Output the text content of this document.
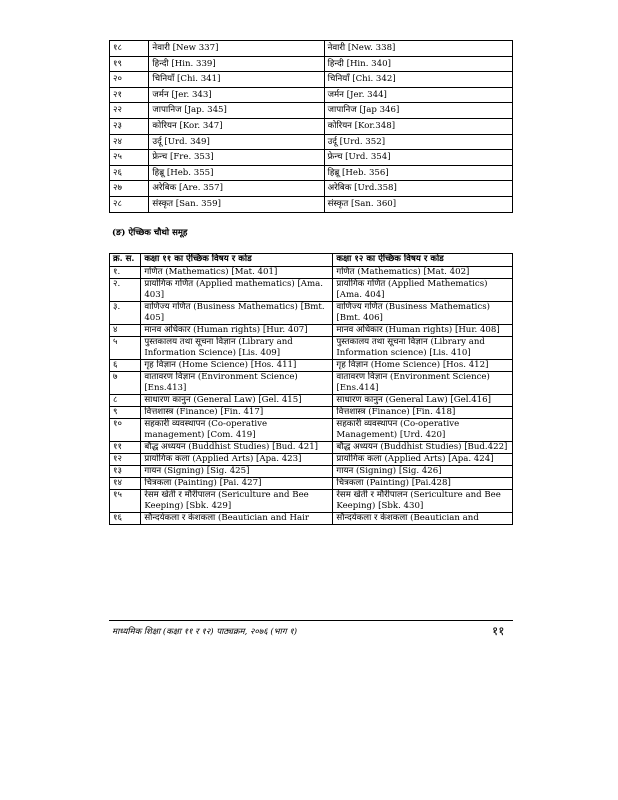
१८	नेवारी [New 337]	नेवारी [New. 338]
१९	हिन्दी [Hin. 339]	हिन्दी [Hin. 340]
२०	चिनियाँ [Chi. 341]	चिनियाँ [Chi. 342]
२१	जर्मन [Jer. 343]	जर्मन [Jer. 344]
२२	जापानिज [Jap. 345]	जापानिज [Jap 346]
२३	कोरियन [Kor. 347]	कोरियन [Kor.348]
२४	उर्दू [Urd. 349]	उर्दू [Urd. 352]
२५	फ्रेन्च [Fre. 353]	फ्रेन्च [Urd. 354]
२६	हिब्रू [Heb. 355]	हिब्रू [Heb. 356]
२७	अरेबिक [Are. 357]	अरेबिक [Urd.358]
२८	संस्कृत [San. 359]	संस्कृत [San. 360]
(ङ) ऐच्छिक चौथो समूह
क्र. स.	कक्षा ११ का ऐच्छिक विषय र कोड	कक्षा १२ का ऐच्छिक विषय र कोड
१.	गणित (Mathematics) [Mat. 401]	गणित (Mathematics) [Mat. 402]
२.	प्रायोगिक गणित (Applied mathematics) [Ama. 403]	प्रायोगिक गणित (Applied Mathematics) [Ama. 404]
३.	वाणिज्य गणित (Business Mathematics) [Bmt. 405]	वाणिज्य गणित (Business Mathematics) [Bmt. 406]
४	मानव अधिकार (Human rights) [Hur. 407]	मानव अधिकार (Human rights) [Hur. 408]
५	पुस्तकालय तथा सूचना विज्ञान (Library and Information Science) [Lis. 409]	पुस्तकालय तथा सूचना विज्ञान (Library and Information science) [Lis. 410]
६	गृह विज्ञान (Home Science) [Hos. 411]	गृह विज्ञान (Home Science) [Hos. 412]
७	वातावरण विज्ञान (Environment Science) [Ens.413]	वातावरण विज्ञान (Environment Science) [Ens.414]
८	साधारण कानुन (General Law) [Gel. 415]	साधारण कानुन (General Law) [Gel.416]
९	वित्तशास्त्र (Finance) [Fin. 417]	वित्तशास्त्र (Finance) [Fin. 418]
१०	सहकारी व्यवस्थापन (Co-operative management) [Com. 419]	सहकारी व्यवस्थापन (Co-operative Management) [Urd. 420]
११	बौद्ध अध्ययन (Buddhist Studies) [Bud. 421]	बौद्ध अध्ययन (Buddhist Studies) [Bud.422]
१२	प्रायोगिक कला (Applied Arts) [Apa. 423]	प्रायोगिक कला (Applied Arts) [Apa. 424]
१३	गायन (Signing) [Sig. 425]	गायन (Signing) [Sig. 426]
१४	चित्रकला (Painting) [Pai. 427]	चित्रकला (Painting) [Pai.428]
१५	रेसम खेती र मौरीपालन (Sericulture and Bee Keeping) [Sbk. 429]	रेसम खेती र मौरीपालन (Sericulture and Bee Keeping) [Sbk. 430]
१६	सौन्दर्यकला र केशकला (Beautician and Hair	सौन्दर्यकला र केशकला (Beautician and
माध्यमिक शिक्षा (कक्षा ११ र १२) पाठ्यक्रम, २०७६ (भाग १)	११
